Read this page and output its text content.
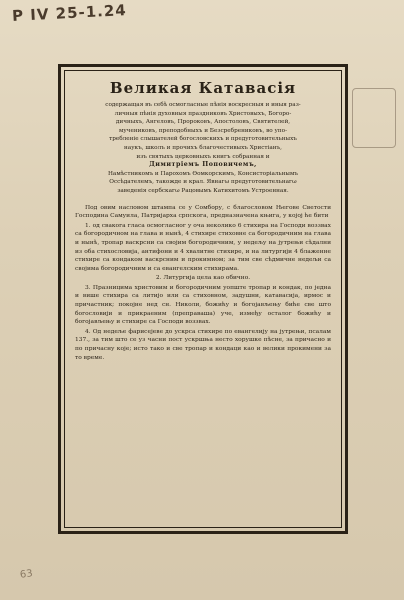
P IV 25-1.24
63
Великая Катавасія

содержащая въ себѣ осмогласные пѣнія воскресныя и иныя раз-

личныя пѣнія духовныя праздниковъ Христовыхъ, Богоро-

дичныхъ, Ангеловъ, Пророковъ, Апостоловъ, Святителей,

мучениковъ, преподобныхъ и Безсребрениковъ, во упо-

требленіе слышателей богословскихъ и предуготовительныхъ

наукъ, школъ и прочихъ благочестивыхъ Христіанъ,

изъ святыхъ церковныхъ книгъ собранная и

Димитріемъ Поповичемъ,

Намѣстникомъ и Парохомъ Өомкорскимъ, Консисторіальнымъ

Оссѣдателемъ, такожде и крал. Явнагω предуготовительнагω

заведенія сербскагω Рацовымъ Катихитомъ Устроенная.

Под овим насловом штампа се у Сомбору, с благословом Његове Светости Господина Самуила, Патријарха српскога, предназначена књига, у којој ће бити

1. од свакога гласа осмогласног у оча неколико 6 стихира на Господи воззвах са богородичном на глава и нынѣ, 4 стихире стиховне са богородичним на глава и нынѣ, тропар васкрсни са својим богородичним, у недељу на јутрењи сѣдални из оба стихословија, антифони и 4 хвалитне стихире, и на литургији 4 блаженне стихире са кондаком васкрсним и прокимном; за тим све сѣдмичне недељи са својима богородичним и са евангелским стихирама.

2. Литургија цела као обично.

3. Празницима христовим и богородичним уопште тропар и кондак, по једна и више стихира са литијо или са стиховном, задушни, катавасија, ирмос и причастник; покојне нед сн. Николи, божићу и богојављењу биће све што богословији и прикраеним (преправаша) уче, између осталог божићу и богојављењу и стихире са Господи воззвах.

4. Од недеље фарисејеве до ускрса стихире по евангелију на јутрењи, псалам 137., за тим што се уз часни пост ускршња несто хорушке пѣсне, за причасно и по причасну које; исто тако и све тропар и кондаци као и велики прокимени за то време.
